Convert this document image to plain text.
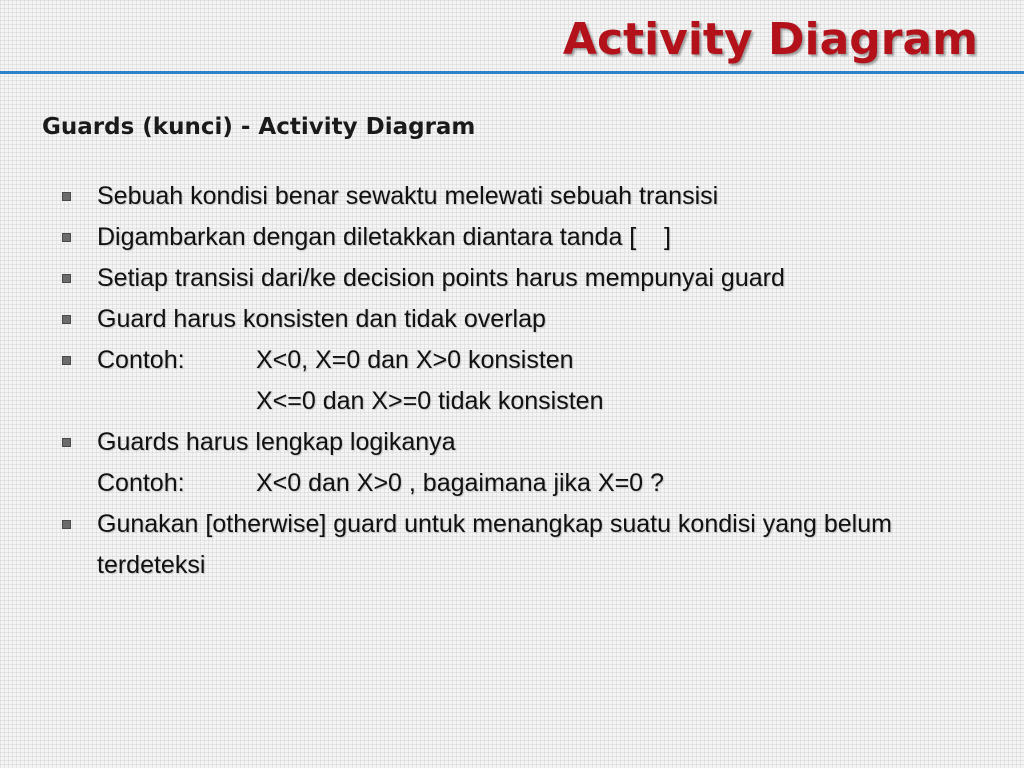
Activity Diagram
Guards (kunci) - Activity Diagram
Sebuah kondisi benar sewaktu melewati sebuah transisi
Digambarkan dengan diletakkan diantara tanda [    ]
Setiap transisi dari/ke decision points harus mempunyai guard
Guard harus konsisten dan tidak overlap
Contoh:	X<0, X=0 dan X>0 konsisten
X<=0 dan X>=0 tidak konsisten
Guards harus lengkap logikanya
Contoh:	X<0 dan X>0 , bagaimana jika X=0 ?
Gunakan [otherwise] guard untuk menangkap suatu kondisi yang belum terdeteksi
